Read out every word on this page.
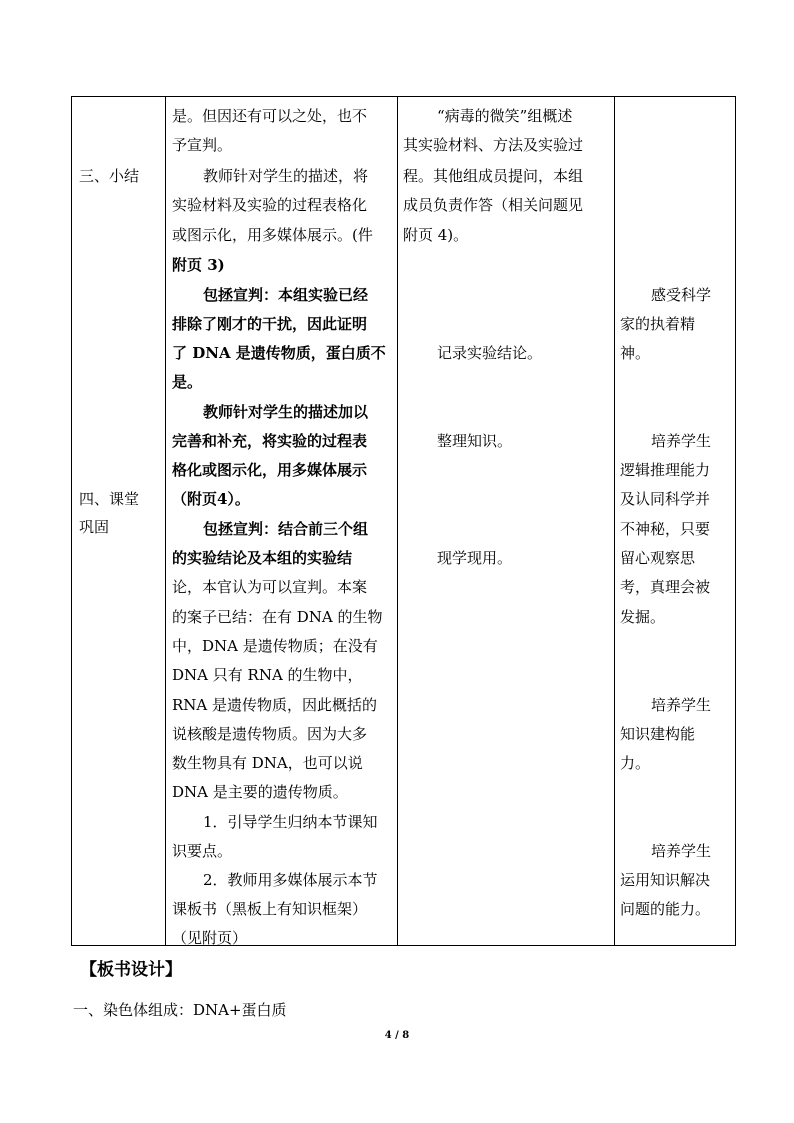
三、小结
四、课堂
巩固
是。但因还有可以之处，也不
予宣判。
教师针对学生的描述，将
实验材料及实验的过程表格化
或图示化，用多媒体展示。(件
附页 3)
包拯宣判：本组实验已经
排除了刚才的干扰，因此证明
了 DNA 是遗传物质，蛋白质不
是。
教师针对学生的描述加以
完善和补充，将实验的过程表
格化或图示化，用多媒体展示
（附页4）。
包拯宣判：结合前三个组
的实验结论及本组的实验结
论，本官认为可以宣判。本案
的案子已结：在有 DNA 的生物
中，DNA 是遗传物质；在没有
DNA 只有 RNA 的生物中，
RNA 是遗传物质，因此概括的
说核酸是遗传物质。因为大多
数生物具有 DNA，也可以说
DNA 是主要的遗传物质。
1．引导学生归纳本节课知
识要点。
2．教师用多媒体展示本节
课板书（黑板上有知识框架）
（见附页）
“病毒的微笑”组概述
其实验材料、方法及实验过
程。其他组成员提问，本组
成员负责作答（相关问题见
附页 4)。
记录实验结论。
整理知识。
现学现用。
感受科学
家的执着精
神。
培养学生
逻辑推理能力
及认同科学并
不神秘，只要
留心观察思
考，真理会被
发掘。
培养学生
知识建构能
力。
培养学生
运用知识解决
问题的能力。
【板书设计】
一、染色体组成：DNA+蛋白质
4 / 8
